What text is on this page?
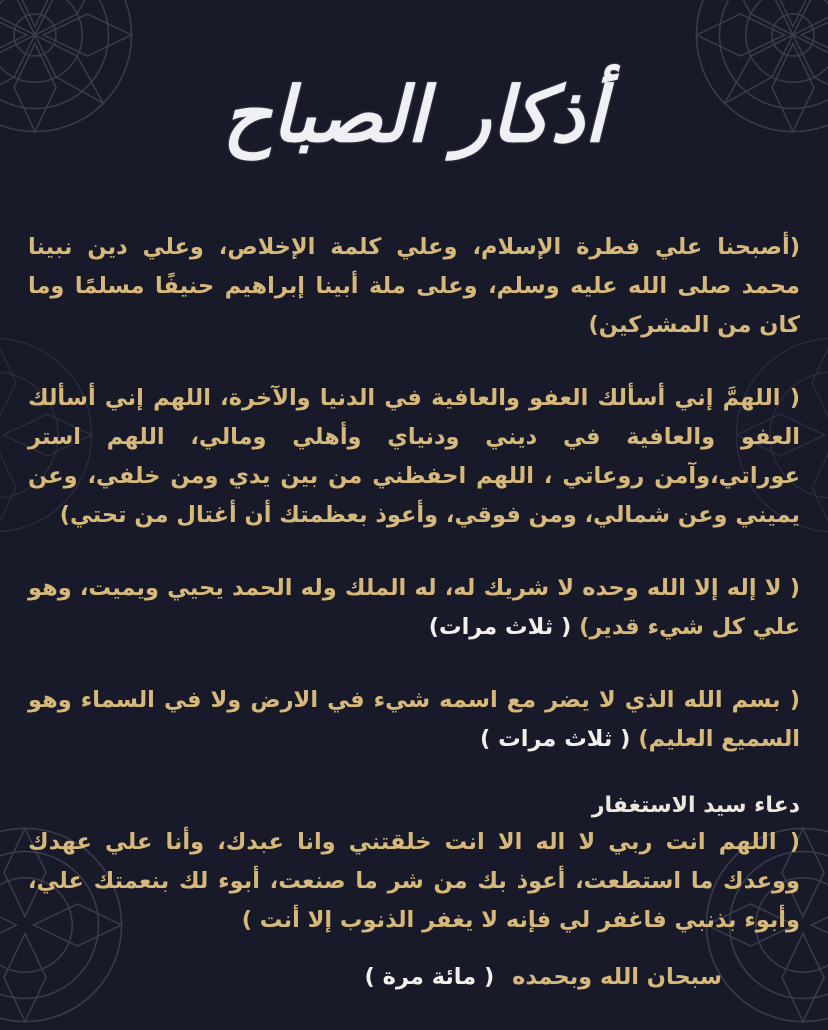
أذكار الصباح

(أصبحنا علي فطرة الإسلام، وعلي كلمة الإخلاص، وعلي دين نبينا محمد صلى الله عليه وسلم، وعلى ملة أبينا إبراهيم حنيفًا مسلمًا وما كان من المشركين)

( اللهمَّ إني أسألك العفو والعافية في الدنيا والآخرة، اللهم إني أسألك العفو والعافية في ديني ودنياي وأهلي ومالي، اللهم استر عوراتي،وآمن روعاتي ، اللهم احفظني من بين يدي ومن خلفي، وعن يميني وعن شمالي، ومن فوقي، وأعوذ بعظمتك أن أغتال من تحتي)

( لا إله إلا الله وحده لا شريك له، له الملك وله الحمد يحيي ويميت، وهو علي كل شيء قدير) ( ثلاث مرات)

( بسم الله الذي لا يضر مع اسمه شيء في الارض ولا في السماء وهو السميع العليم) ( ثلاث مرات )

دعاء سيد الاستغفار

( اللهم انت ربي لا اله الا انت خلقتني وانا عبدك، وأنا علي عهدك ووعدك ما استطعت، أعوذ بك من شر ما صنعت، أبوء لك بنعمتك علي، وأبوء بذنبي فاغفر لي فإنه لا يغفر الذنوب إلا أنت )

سبحان الله وبحمده ( مائة مرة )
